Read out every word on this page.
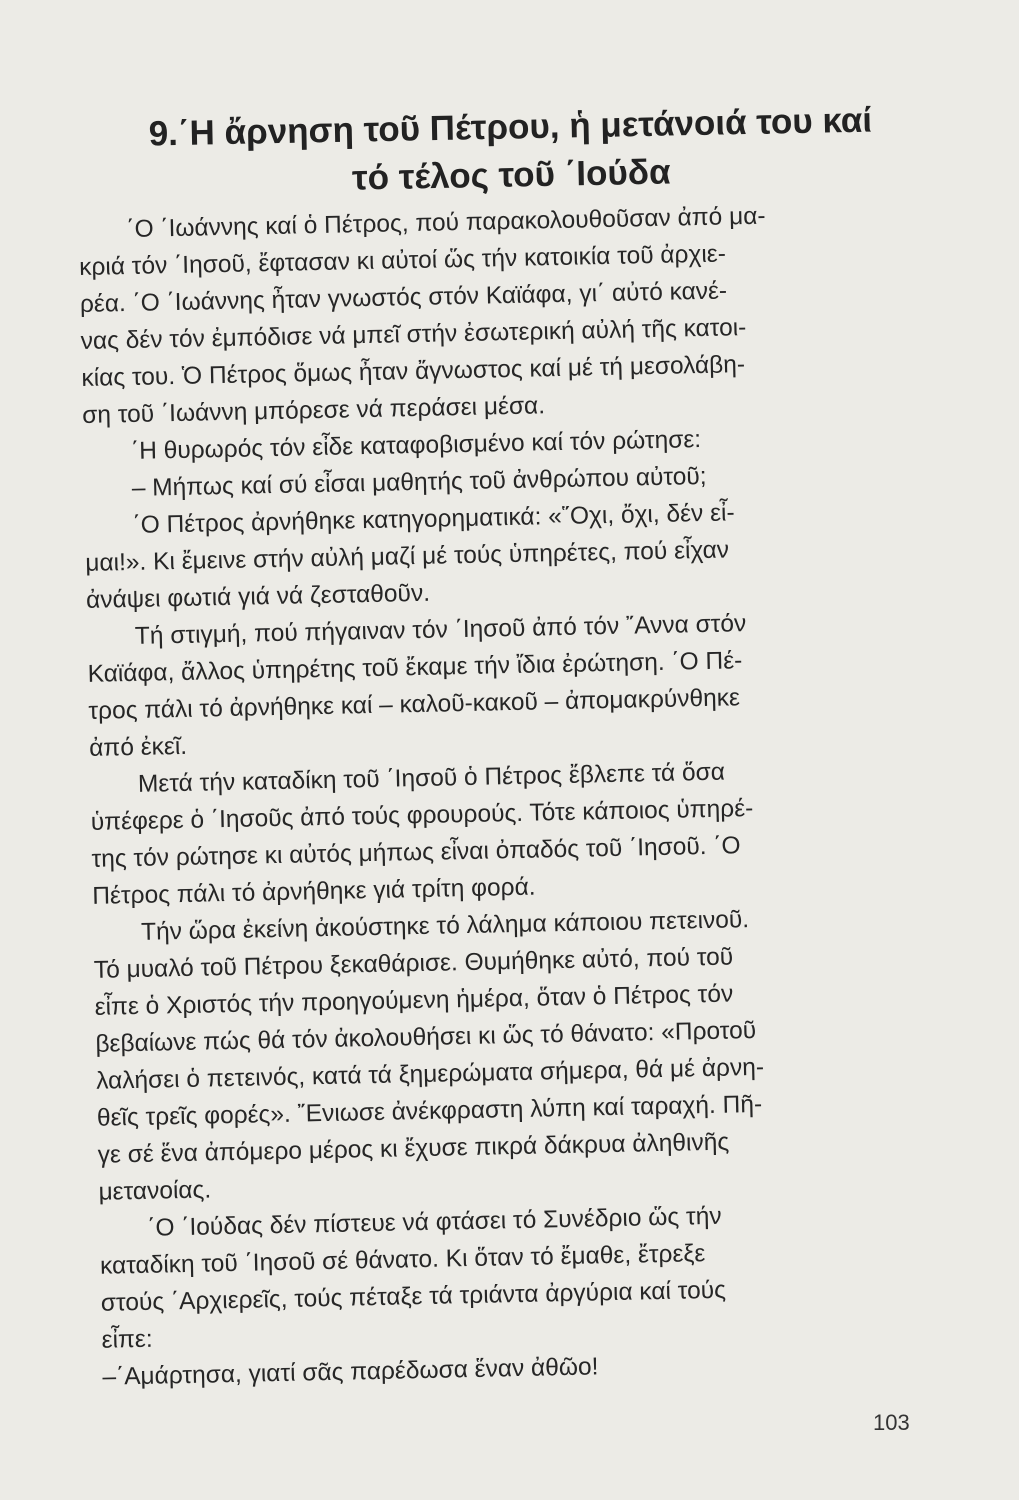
9.΄Η ἄρνηση τοῦ Πέτρου, ἡ μετάνοιά του καί
τό τέλος τοῦ ΄Ιούδα
΄Ο ΄Ιωάννης καί ὁ Πέτρος, πού παρακολουθοῦσαν ἀπό μα-
κριά τόν ΄Ιησοῦ, ἔφτασαν κι αὐτοί ὥς τήν κατοικία τοῦ ἀρχιε-
ρέα. ΄Ο ΄Ιωάννης ἦταν γνωστός στόν Καϊάφα, γι΄ αὐτό κανέ-
νας δέν τόν ἐμπόδισε νά μπεῖ στήν ἐσωτερική αὐλή τῆς κατοι-
κίας του. Ὁ Πέτρος ὅμως ἦταν ἄγνωστος καί μέ τή μεσολάβη-
ση τοῦ ΄Ιωάννη μπόρεσε νά περάσει μέσα.
΄Η θυρωρός τόν εἶδε καταφοβισμένο καί τόν ρώτησε:
– Μήπως καί σύ εἶσαι μαθητής τοῦ ἀνθρώπου αὐτοῦ;
΄Ο Πέτρος ἀρνήθηκε κατηγορηματικά: «῞Οχι, ὄχι, δέν εἶ-
μαι!». Κι ἔμεινε στήν αὐλή μαζί μέ τούς ὑπηρέτες, πού εἶχαν
ἀνάψει φωτιά γιά νά ζεσταθοῦν.
Τή στιγμή, πού πήγαιναν τόν ΄Ιησοῦ ἀπό τόν ῎Αννα στόν
Καϊάφα, ἄλλος ὑπηρέτης τοῦ ἔκαμε τήν ἴδια ἐρώτηση. ΄Ο Πέ-
τρος πάλι τό ἀρνήθηκε καί – καλοῦ-κακοῦ – ἀπομακρύνθηκε
ἀπό ἐκεῖ.
Μετά τήν καταδίκη τοῦ ΄Ιησοῦ ὁ Πέτρος ἔβλεπε τά ὅσα
ὑπέφερε ὁ ΄Ιησοῦς ἀπό τούς φρουρούς. Τότε κάποιος ὑπηρέ-
της τόν ρώτησε κι αὐτός μήπως εἶναι ὀπαδός τοῦ ΄Ιησοῦ. ΄Ο
Πέτρος πάλι τό ἀρνήθηκε γιά τρίτη φορά.
Τήν ὥρα ἐκείνη ἀκούστηκε τό λάλημα κάποιου πετεινοῦ.
Τό μυαλό τοῦ Πέτρου ξεκαθάρισε. Θυμήθηκε αὐτό, πού τοῦ
εἶπε ὁ Χριστός τήν προηγούμενη ἡμέρα, ὅταν ὁ Πέτρος τόν
βεβαίωνε πώς θά τόν ἀκολουθήσει κι ὥς τό θάνατο: «Προτοῦ
λαλήσει ὁ πετεινός, κατά τά ξημερώματα σήμερα, θά μέ ἀρνη-
θεῖς τρεῖς φορές». ῎Ενιωσε ἀνέκφραστη λύπη καί ταραχή. Πῆ-
γε σέ ἕνα ἀπόμερο μέρος κι ἔχυσε πικρά δάκρυα ἀληθινῆς
μετανοίας.
΄Ο ΄Ιούδας δέν πίστευε νά φτάσει τό Συνέδριο ὥς τήν
καταδίκη τοῦ ΄Ιησοῦ σέ θάνατο. Κι ὅταν τό ἔμαθε, ἔτρεξε
στούς ΄Αρχιερεῖς, τούς πέταξε τά τριάντα ἀργύρια καί τούς
εἶπε:
–΄Αμάρτησα, γιατί σᾶς παρέδωσα ἕναν ἀθῶο!
103
